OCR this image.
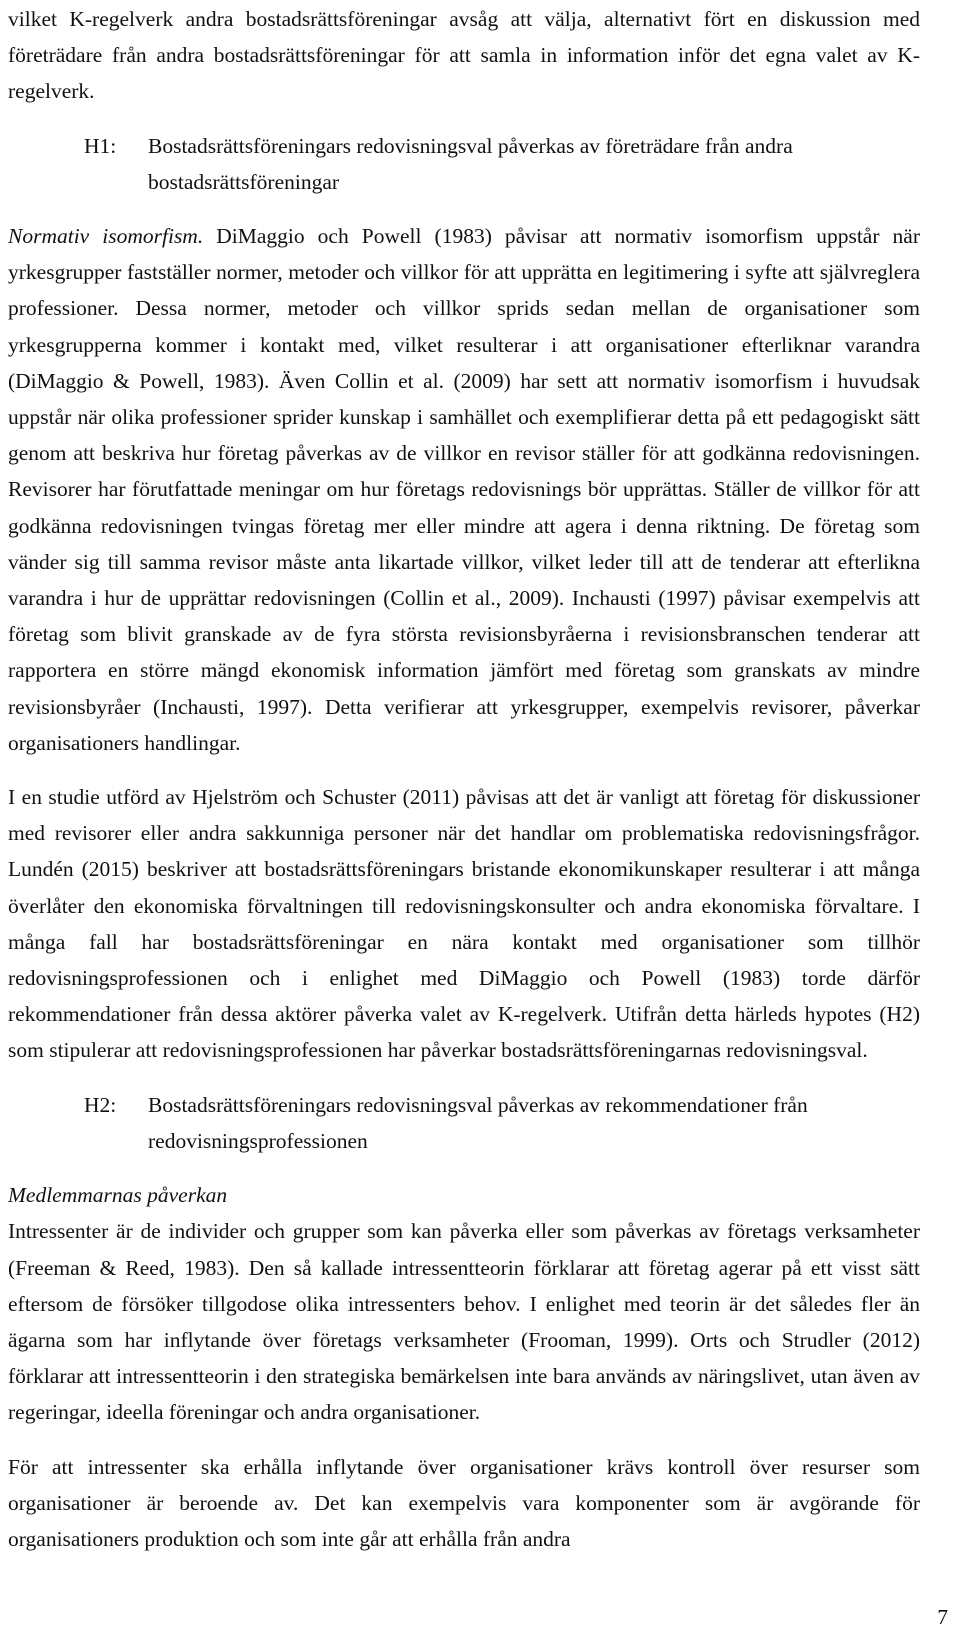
vilket K-regelverk andra bostadsrättsföreningar avsåg att välja, alternativt fört en diskussion med företrädare från andra bostadsrättsföreningar för att samla in information inför det egna valet av K-regelverk.

H1:	Bostadsrättsföreningars redovisningsval påverkas av företrädare från andra bostadsrättsföreningar

Normativ isomorfism. DiMaggio och Powell (1983) påvisar att normativ isomorfism uppstår när yrkesgrupper fastställer normer, metoder och villkor för att upprätta en legitimering i syfte att självreglera professioner. Dessa normer, metoder och villkor sprids sedan mellan de organisationer som yrkesgrupperna kommer i kontakt med, vilket resulterar i att organisationer efterliknar varandra (DiMaggio & Powell, 1983). Även Collin et al. (2009) har sett att normativ isomorfism i huvudsak uppstår när olika professioner sprider kunskap i samhället och exemplifierar detta på ett pedagogiskt sätt genom att beskriva hur företag påverkas av de villkor en revisor ställer för att godkänna redovisningen. Revisorer har förutfattade meningar om hur företags redovisnings bör upprättas. Ställer de villkor för att godkänna redovisningen tvingas företag mer eller mindre att agera i denna riktning. De företag som vänder sig till samma revisor måste anta likartade villkor, vilket leder till att de tenderar att efterlikna varandra i hur de upprättar redovisningen (Collin et al., 2009). Inchausti (1997) påvisar exempelvis att företag som blivit granskade av de fyra största revisionsbyråerna i revisionsbranschen tenderar att rapportera en större mängd ekonomisk information jämfört med företag som granskats av mindre revisionsbyråer (Inchausti, 1997). Detta verifierar att yrkesgrupper, exempelvis revisorer, påverkar organisationers handlingar.

I en studie utförd av Hjelström och Schuster (2011) påvisas att det är vanligt att företag för diskussioner med revisorer eller andra sakkunniga personer när det handlar om problematiska redovisningsfrågor. Lundén (2015) beskriver att bostadsrättsföreningars bristande ekonomikunskaper resulterar i att många överlåter den ekonomiska förvaltningen till redovisningskonsulter och andra ekonomiska förvaltare. I många fall har bostadsrättsföreningar en nära kontakt med organisationer som tillhör redovisningsprofessionen och i enlighet med DiMaggio och Powell (1983) torde därför rekommendationer från dessa aktörer påverka valet av K-regelverk. Utifrån detta härleds hypotes (H2) som stipulerar att redovisningsprofessionen har påverkar bostadsrättsföreningarnas redovisningsval.

H2:	Bostadsrättsföreningars redovisningsval påverkas av rekommendationer från redovisningsprofessionen
Medlemmarnas påverkan

Intressenter är de individer och grupper som kan påverka eller som påverkas av företags verksamheter (Freeman & Reed, 1983). Den så kallade intressentteorin förklarar att företag agerar på ett visst sätt eftersom de försöker tillgodose olika intressenters behov. I enlighet med teorin är det således fler än ägarna som har inflytande över företags verksamheter (Frooman, 1999). Orts och Strudler (2012) förklarar att intressentteorin i den strategiska bemärkelsen inte bara används av näringslivet, utan även av regeringar, ideella föreningar och andra organisationer.

För att intressenter ska erhålla inflytande över organisationer krävs kontroll över resurser som organisationer är beroende av. Det kan exempelvis vara komponenter som är avgörande för organisationers produktion och som inte går att erhålla från andra

7
